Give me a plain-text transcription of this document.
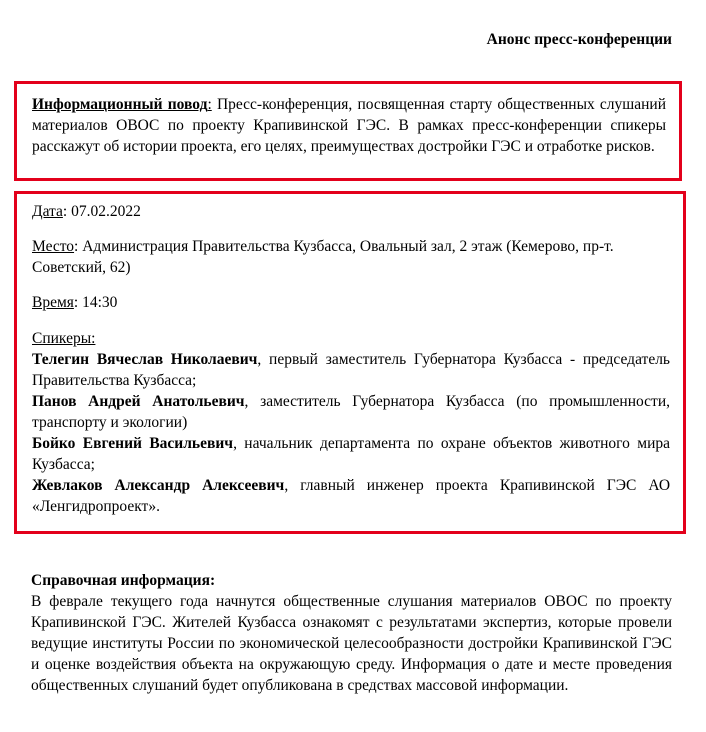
Анонс пресс-конференции

Информационный повод: Пресс-конференция, посвященная старту общественных слушаний материалов ОВОС по проекту Крапивинской ГЭС. В рамках пресс-конференции спикеры расскажут об истории проекта, его целях, преимуществах достройки ГЭС и отработке рисков.

Дата: 07.02.2022

Место: Администрация Правительства Кузбасса, Овальный зал, 2 этаж (Кемерово, пр-т. Советский, 62)

Время: 14:30

Спикеры:

Телегин Вячеслав Николаевич, первый заместитель Губернатора Кузбасса - председатель Правительства Кузбасса;

Панов Андрей Анатольевич, заместитель Губернатора Кузбасса (по промышленности, транспорту и экологии)

Бойко Евгений Васильевич, начальник департамента по охране объектов животного мира Кузбасса;

Жевлаков Александр Алексеевич, главный инженер проекта Крапивинской ГЭС АО «Ленгидропроект».

Справочная информация:

В феврале текущего года начнутся общественные слушания материалов ОВОС по проекту Крапивинской ГЭС. Жителей Кузбасса ознакомят с результатами экспертиз, которые провели ведущие институты России по экономической целесообразности достройки Крапивинской ГЭС и оценке воздействия объекта на окружающую среду. Информация о дате и месте проведения общественных слушаний будет опубликована в средствах массовой информации.
